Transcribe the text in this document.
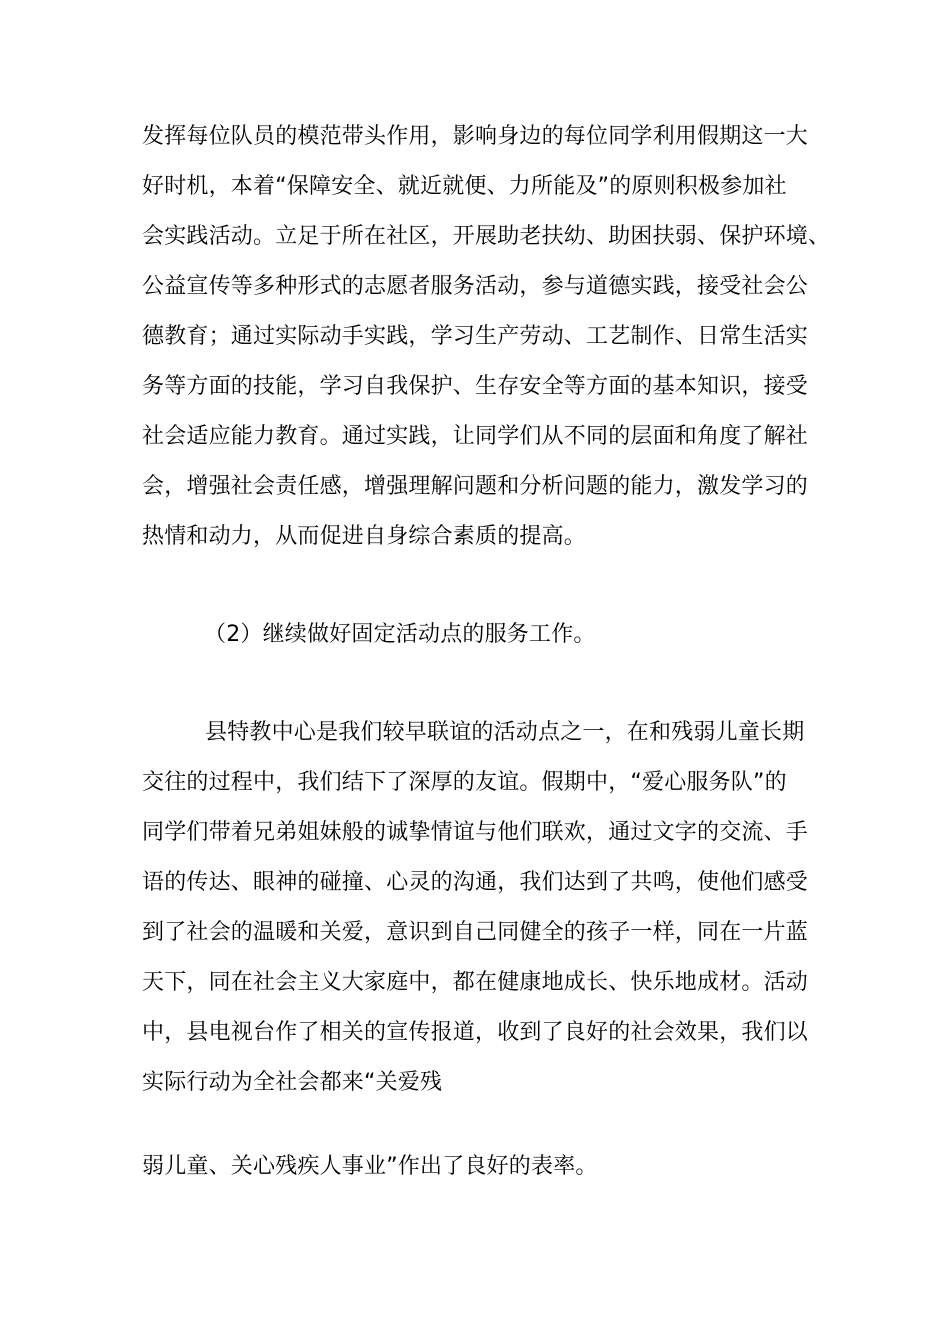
发挥每位队员的模范带头作用，影响身边的每位同学利用假期这一大
好时机，本着“保障安全、就近就便、力所能及”的原则积极参加社
会实践活动。立足于所在社区，开展助老扶幼、助困扶弱、保护环境、
公益宣传等多种形式的志愿者服务活动，参与道德实践，接受社会公
德教育；通过实际动手实践，学习生产劳动、工艺制作、日常生活实
务等方面的技能，学习自我保护、生存安全等方面的基本知识，接受
社会适应能力教育。通过实践，让同学们从不同的层面和角度了解社
会，增强社会责任感，增强理解问题和分析问题的能力，激发学习的
热情和动力，从而促进自身综合素质的提高。
（2）继续做好固定活动点的服务工作。
县特教中心是我们较早联谊的活动点之一，在和残弱儿童长期
交往的过程中，我们结下了深厚的友谊。假期中，“爱心服务队”的
同学们带着兄弟姐妹般的诚挚情谊与他们联欢，通过文字的交流、手
语的传达、眼神的碰撞、心灵的沟通，我们达到了共鸣，使他们感受
到了社会的温暖和关爱，意识到自己同健全的孩子一样，同在一片蓝
天下，同在社会主义大家庭中，都在健康地成长、快乐地成材。活动
中，县电视台作了相关的宣传报道，收到了良好的社会效果，我们以
实际行动为全社会都来“关爱残
弱儿童、关心残疾人事业”作出了良好的表率。
